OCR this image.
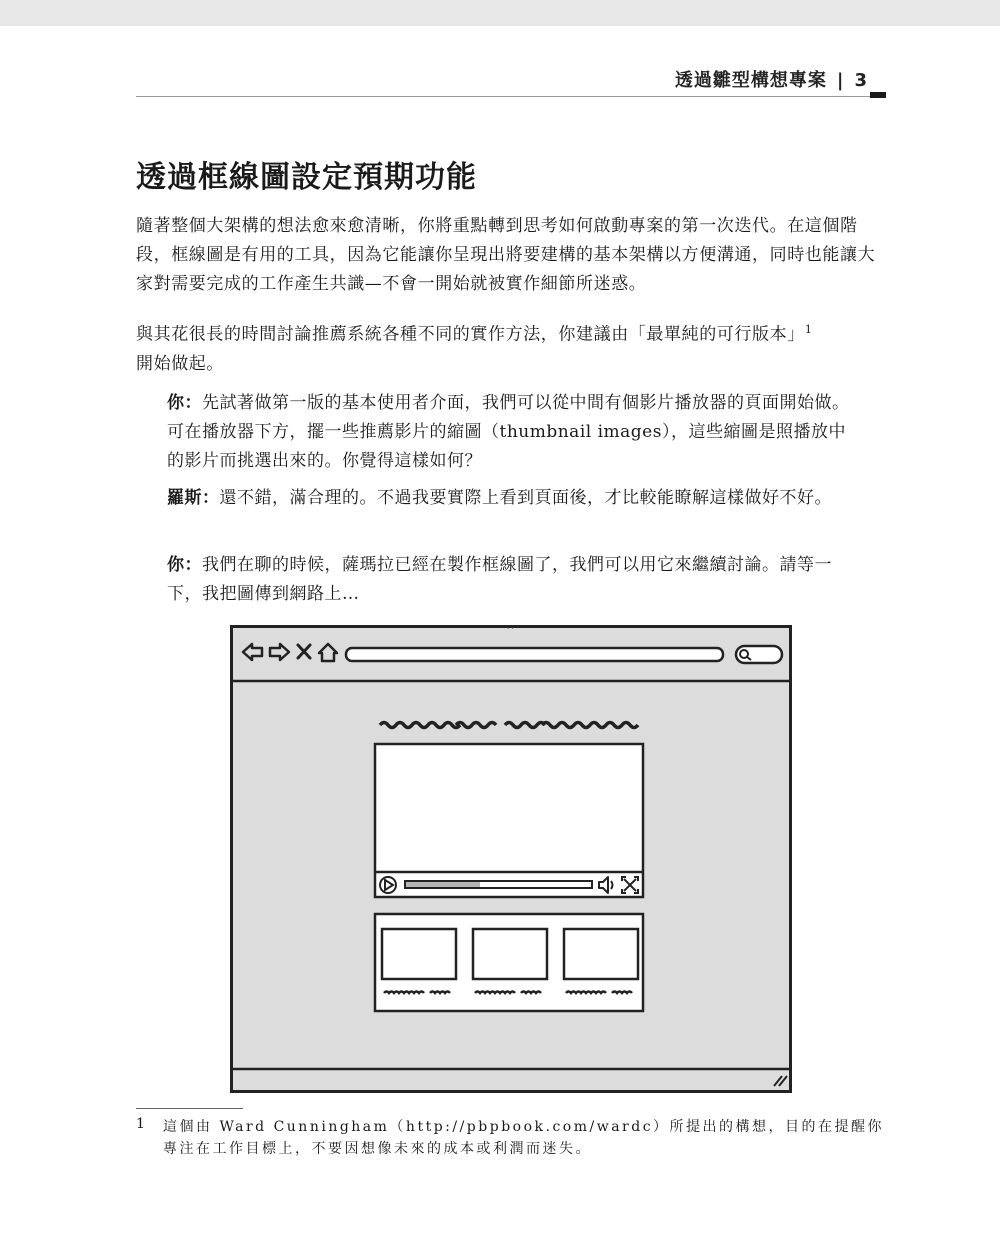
透過雛型構想專案 | 3
透過框線圖設定預期功能

隨著整個大架構的想法愈來愈清晰，你將重點轉到思考如何啟動專案的第一次迭代。在這個階段，框線圖是有用的工具，因為它能讓你呈現出將要建構的基本架構以方便溝通，同時也能讓大家對需要完成的工作產生共識—不會一開始就被實作細節所迷惑。

與其花很長的時間討論推薦系統各種不同的實作方法，你建議由「最單純的可行版本」$^1$
開始做起。

你：先試著做第一版的基本使用者介面，我們可以從中間有個影片播放器的頁面開始做。可在播放器下方，擺一些推薦影片的縮圖（thumbnail images），這些縮圖是照播放中的影片而挑選出來的。你覺得這樣如何？

羅斯：還不錯，滿合理的。不過我要實際上看到頁面後，才比較能瞭解這樣做好不好。

你：我們在聊的時候，薩瑪拉已經在製作框線圖了，我們可以用它來繼續討論。請等一下，我把圖傳到網路上…

``
1 這個由 Ward Cunningham（http://pbpbook.com/wardc）所提出的構想，目的在提醒你專注在工作目標上，不要因想像未來的成本或利潤而迷失。
